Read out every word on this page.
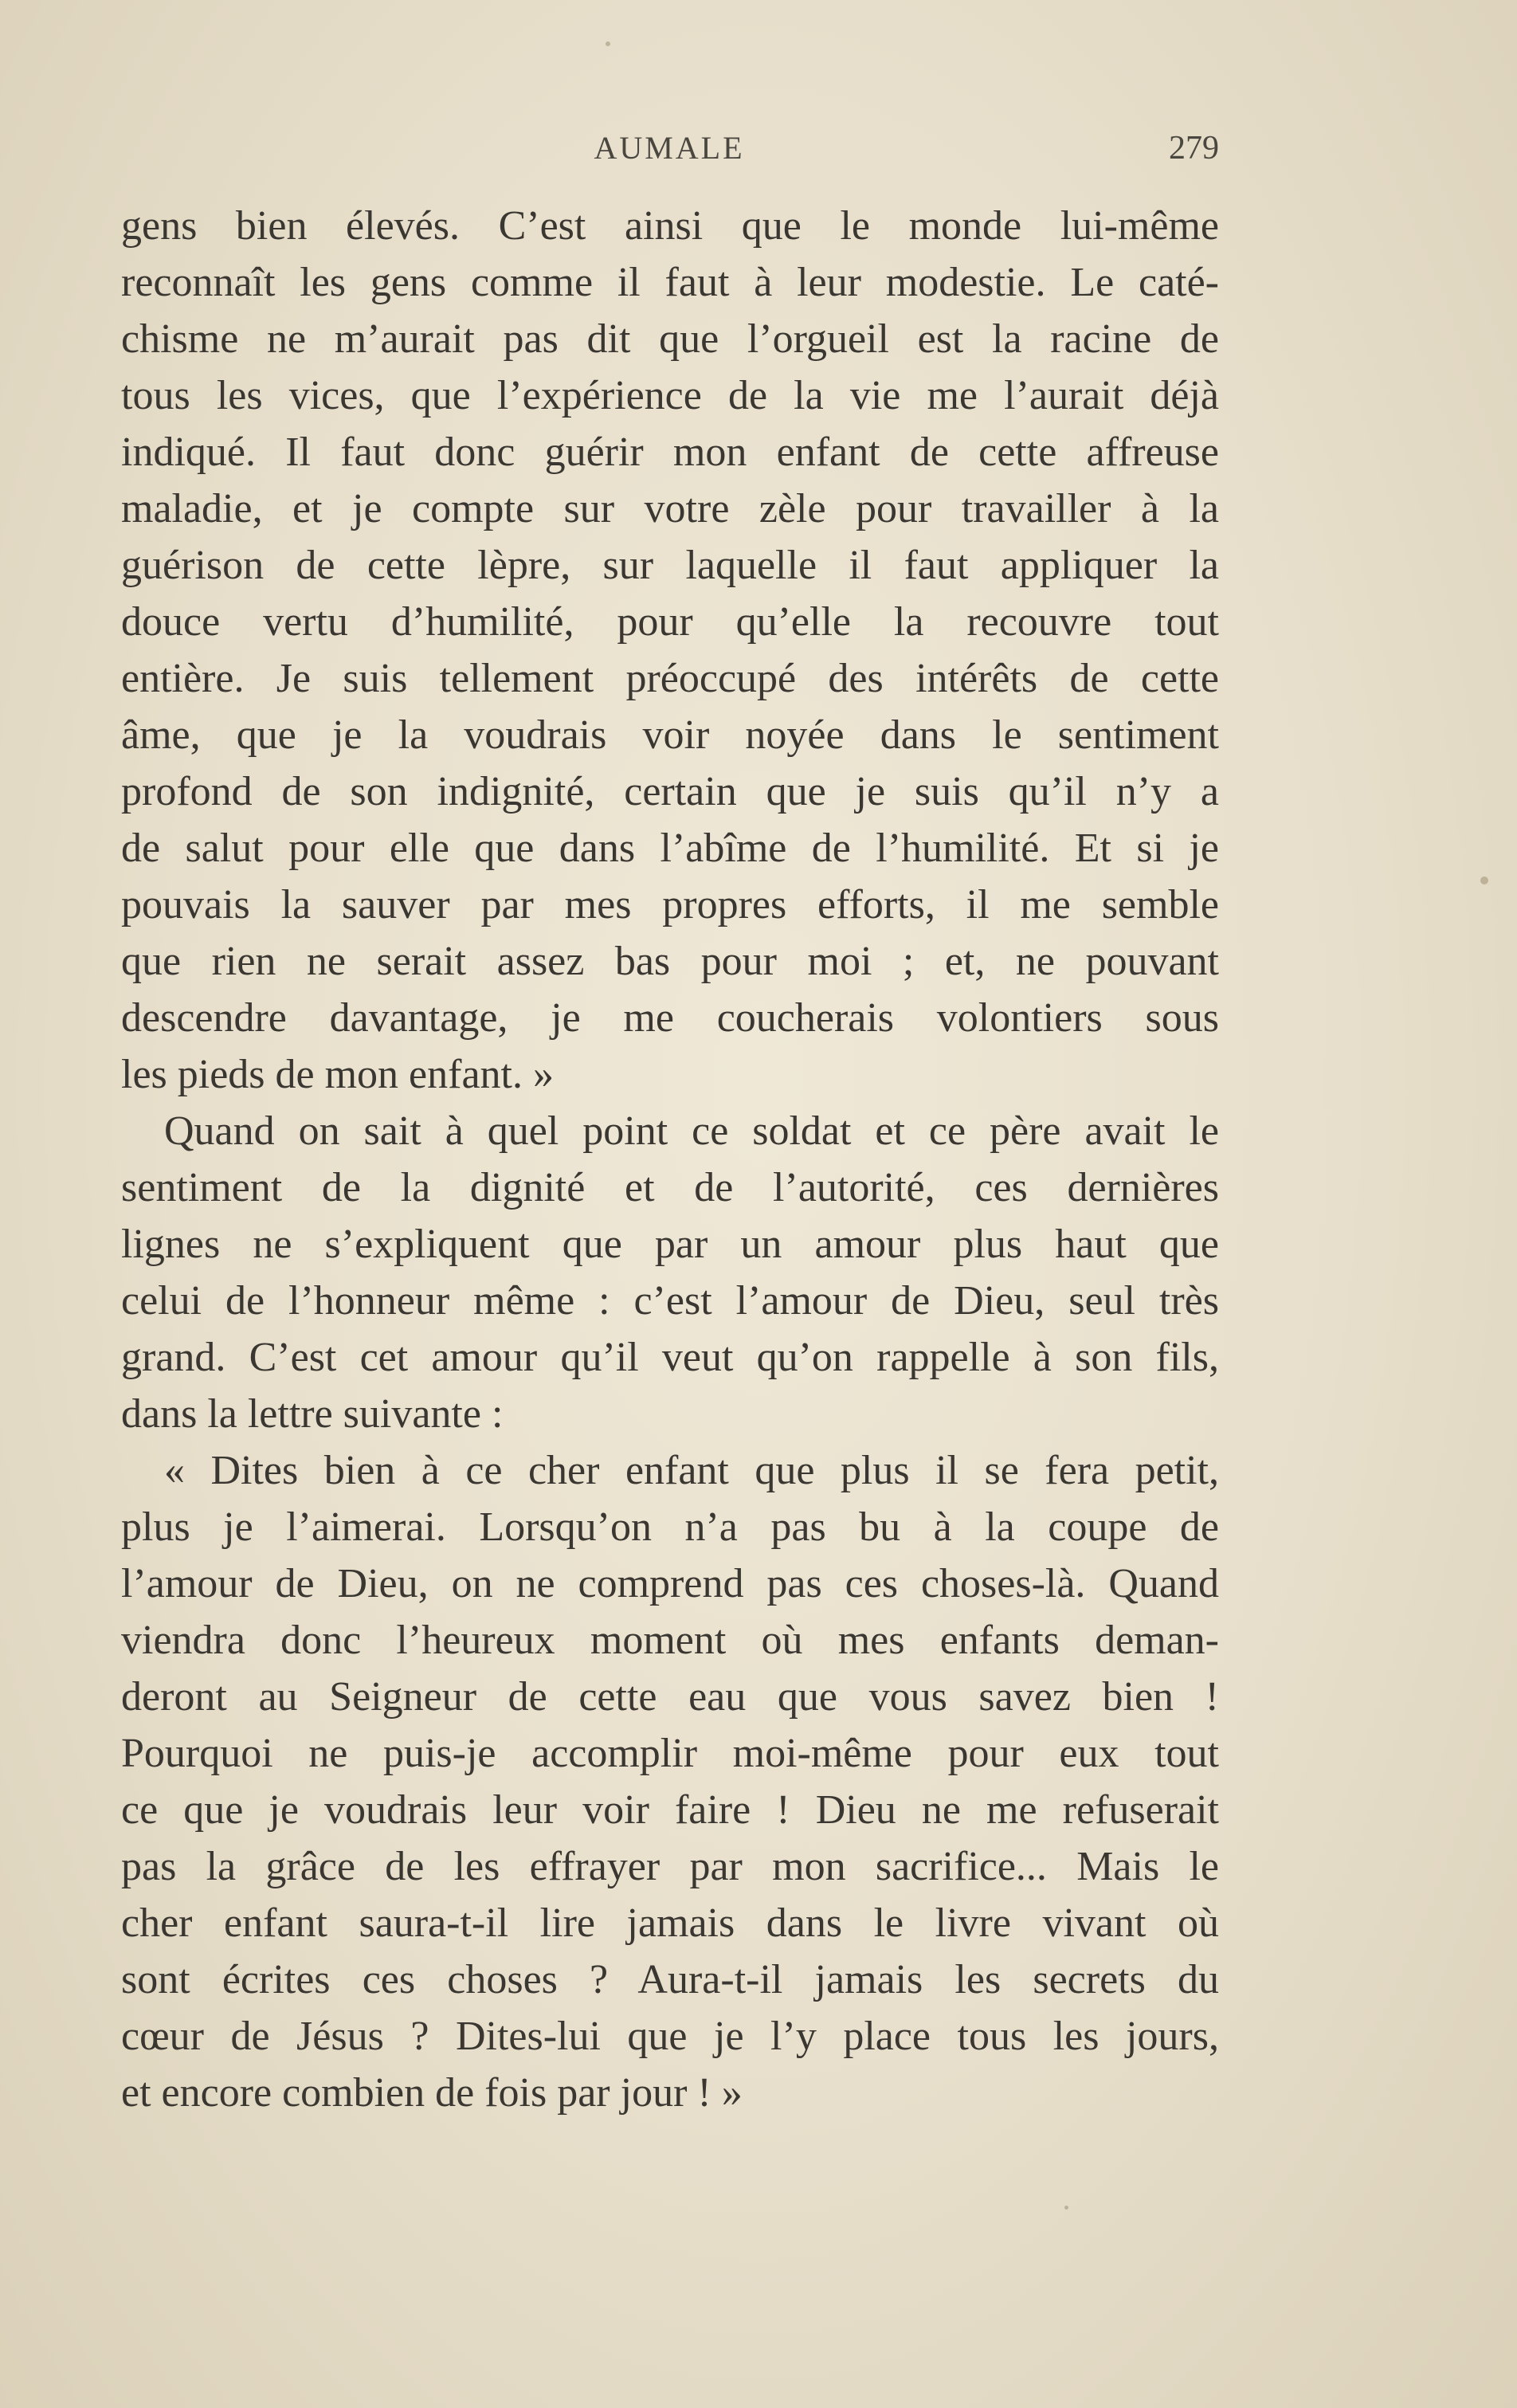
AUMALE	279
gens bien élevés. C’est ainsi que le monde lui-même
reconnaît les gens comme il faut à leur modestie. Le caté-
chisme ne m’aurait pas dit que l’orgueil est la racine de
tous les vices, que l’expérience de la vie me l’aurait déjà
indiqué. Il faut donc guérir mon enfant de cette affreuse
maladie, et je compte sur votre zèle pour travailler à la
guérison de cette lèpre, sur laquelle il faut appliquer la
douce vertu d’humilité, pour qu’elle la recouvre tout
entière. Je suis tellement préoccupé des intérêts de cette
âme, que je la voudrais voir noyée dans le sentiment
profond de son indignité, certain que je suis qu’il n’y a
de salut pour elle que dans l’abîme de l’humilité. Et si je
pouvais la sauver par mes propres efforts, il me semble
que rien ne serait assez bas pour moi ; et, ne pouvant
descendre davantage, je me coucherais volontiers sous
les pieds de mon enfant. »
Quand on sait à quel point ce soldat et ce père avait le
sentiment de la dignité et de l’autorité, ces dernières
lignes ne s’expliquent que par un amour plus haut que
celui de l’honneur même : c’est l’amour de Dieu, seul très
grand. C’est cet amour qu’il veut qu’on rappelle à son fils,
dans la lettre suivante :
« Dites bien à ce cher enfant que plus il se fera petit,
plus je l’aimerai. Lorsqu’on n’a pas bu à la coupe de
l’amour de Dieu, on ne comprend pas ces choses-là. Quand
viendra donc l’heureux moment où mes enfants deman-
deront au Seigneur de cette eau que vous savez bien !
Pourquoi ne puis-je accomplir moi-même pour eux tout
ce que je voudrais leur voir faire ! Dieu ne me refuserait
pas la grâce de les effrayer par mon sacrifice... Mais le
cher enfant saura-t-il lire jamais dans le livre vivant où
sont écrites ces choses ? Aura-t-il jamais les secrets du
cœur de Jésus ? Dites-lui que je l’y place tous les jours,
et encore combien de fois par jour ! »
